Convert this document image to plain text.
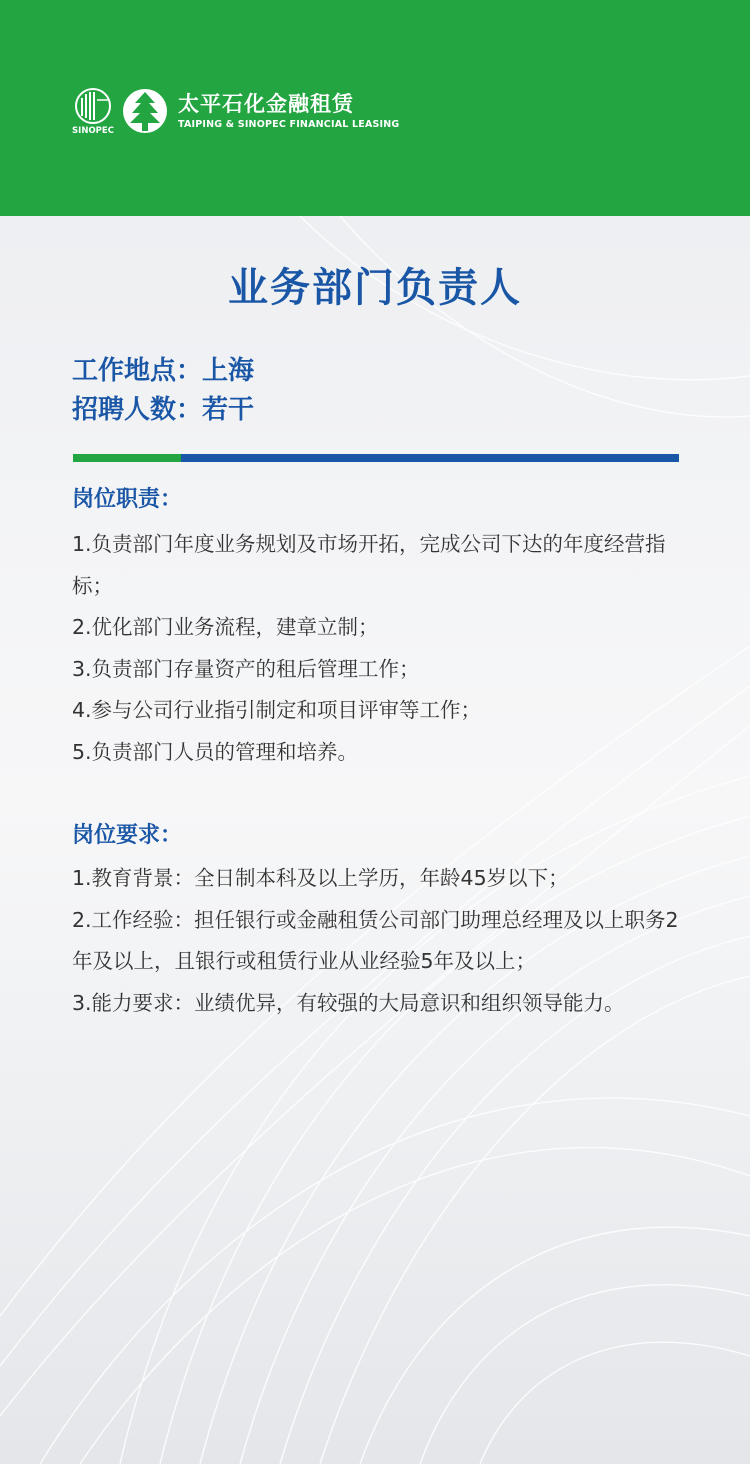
SINOPEC
太平石化金融租赁
TAIPING & SINOPEC FINANCIAL LEASING
业务部门负责人
工作地点：上海
招聘人数：若干
岗位职责：
1.负责部门年度业务规划及市场开拓，完成公司下达的年度经营指标；
2.优化部门业务流程，建章立制；
3.负责部门存量资产的租后管理工作；
4.参与公司行业指引制定和项目评审等工作；
5.负责部门人员的管理和培养。
岗位要求：
1.教育背景：全日制本科及以上学历，年龄45岁以下；
2.工作经验：担任银行或金融租赁公司部门助理总经理及以上职务2年及以上，且银行或租赁行业从业经验5年及以上；
3.能力要求：业绩优异，有较强的大局意识和组织领导能力。
